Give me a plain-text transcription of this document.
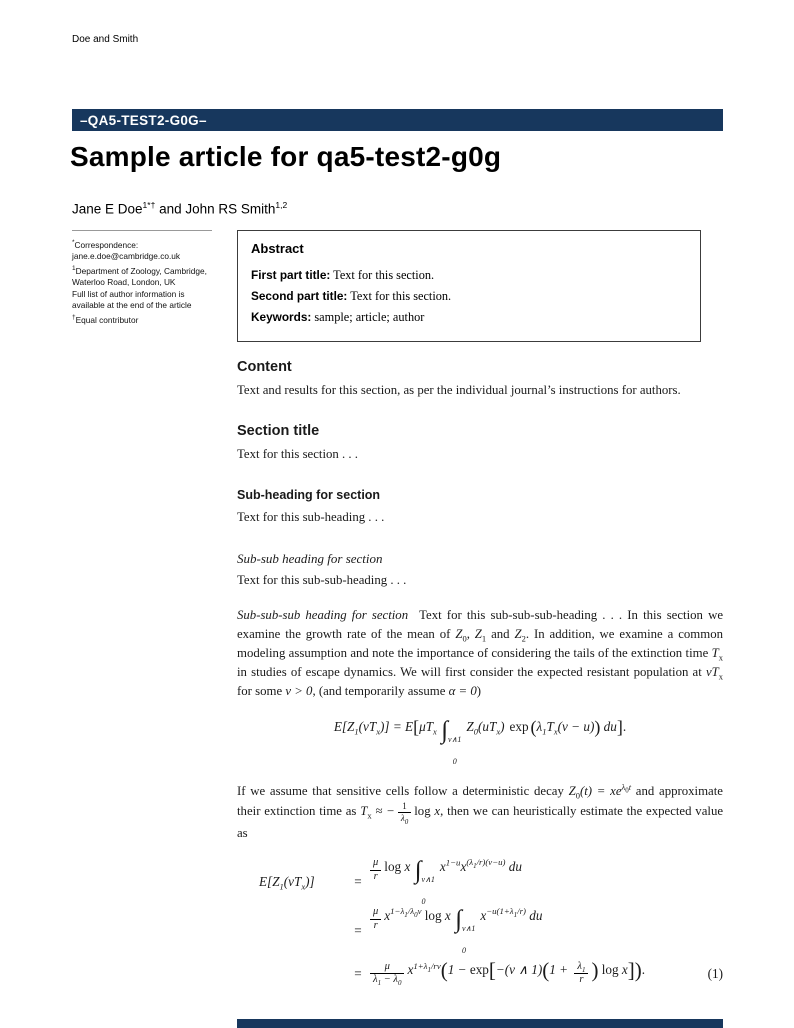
Doe and Smith
–QA5-TEST2-G0G–
Sample article for qa5-test2-g0g
Jane E Doe$^{1*\dagger}$ and John RS Smith$^{1,2}$

*Correspondence:

jane.e.doe@cambridge.co.uk

$^1$Department of Zoology, Cambridge, Waterloo Road, London, UK

Full list of author information is available at the end of the article

†Equal contributor

Abstract

First part title: Text for this section.

Second part title: Text for this section.

Keywords: sample; article; author

Content

Text and results for this section, as per the individual journal’s instructions for authors.

Section title

Text for this section . . .

Sub-heading for section

Text for this sub-heading . . .

Sub-sub heading for section

Text for this sub-sub-heading . . .

Sub-sub-sub heading for section Text for this sub-sub-sub-heading . . . In this section we examine the growth rate of the mean of $Z_0$, $Z_1$ and $Z_2$. In addition, we examine a common modeling assumption and note the importance of considering the tails of the extinction time $T_x$ in studies of escape dynamics. We will first consider the expected resistant population at $vT_x$ for some v > 0, (and temporarily assume α = 0)

$E[Z_1(vT_x)] = E[\mu T_x$ ∫ v∧1
0
$Z_0(uT_x)$ $\exp (\lambda_1T_x(v - u))$ du].

If we assume that sensitive cells follow a deterministic decay $Z_0(t) = xe^{\lambda_0t}$ and approximate their extinction time as $T_x$ ≈ − $\frac{1}{\lambda_0}$ log x, then we can heuristically estimate the expected value as

$E[Z_1(vT_x)]$	= $\frac{\mu}{r}$ log x ∫ v∧1
0
$x^{1-u}x^{(\lambda_1/r)(v-u)}$ du
= $\frac{\mu}{r} x^{1-\lambda_1/\lambda_0v}$ log x ∫ v∧1
0
$x^{-u(1+\lambda_1/r)}$ du
= $\frac{\mu}{\lambda_1 - \lambda_0} x^{1+\lambda_1/rv}(1 - \exp[-(v$ ∧ $1)(1 + \frac{\lambda_1}{r}$ ) log x]).	(1)
